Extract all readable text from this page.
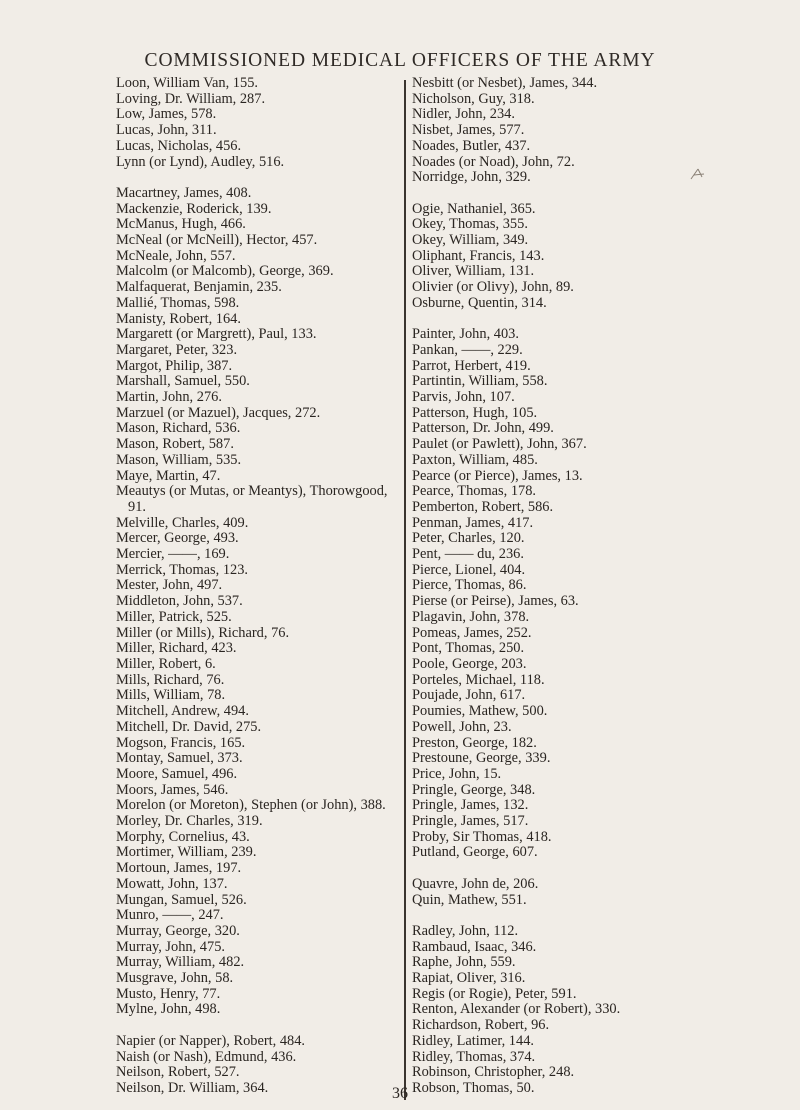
COMMISSIONED MEDICAL OFFICERS OF THE ARMY
Loon, William Van, 155.
Loving, Dr. William, 287.
Low, James, 578.
Lucas, John, 311.
Lucas, Nicholas, 456.
Lynn (or Lynd), Audley, 516.
Macartney, James, 408.
Mackenzie, Roderick, 139.
McManus, Hugh, 466.
McNeal (or McNeill), Hector, 457.
McNeale, John, 557.
Malcolm (or Malcomb), George, 369.
Malfaquerat, Benjamin, 235.
Mallié, Thomas, 598.
Manisty, Robert, 164.
Margarett (or Margrett), Paul, 133.
Margaret, Peter, 323.
Margot, Philip, 387.
Marshall, Samuel, 550.
Martin, John, 276.
Marzuel (or Mazuel), Jacques, 272.
Mason, Richard, 536.
Mason, Robert, 587.
Mason, William, 535.
Maye, Martin, 47.
Meautys (or Mutas, or Meantys), Thorowgood,
91.
Melville, Charles, 409.
Mercer, George, 493.
Mercier, ——, 169.
Merrick, Thomas, 123.
Mester, John, 497.
Middleton, John, 537.
Miller, Patrick, 525.
Miller (or Mills), Richard, 76.
Miller, Richard, 423.
Miller, Robert, 6.
Mills, Richard, 76.
Mills, William, 78.
Mitchell, Andrew, 494.
Mitchell, Dr. David, 275.
Mogson, Francis, 165.
Montay, Samuel, 373.
Moore, Samuel, 496.
Moors, James, 546.
Morelon (or Moreton), Stephen (or John), 388.
Morley, Dr. Charles, 319.
Morphy, Cornelius, 43.
Mortimer, William, 239.
Mortoun, James, 197.
Mowatt, John, 137.
Mungan, Samuel, 526.
Munro, ——, 247.
Murray, George, 320.
Murray, John, 475.
Murray, William, 482.
Musgrave, John, 58.
Musto, Henry, 77.
Mylne, John, 498.
Napier (or Napper), Robert, 484.
Naish (or Nash), Edmund, 436.
Neilson, Robert, 527.
Neilson, Dr. William, 364.
Nesbitt (or Nesbet), James, 344.
Nicholson, Guy, 318.
Nidler, John, 234.
Nisbet, James, 577.
Noades, Butler, 437.
Noades (or Noad), John, 72.
Norridge, John, 329.
Ogie, Nathaniel, 365.
Okey, Thomas, 355.
Okey, William, 349.
Oliphant, Francis, 143.
Oliver, William, 131.
Olivier (or Olivy), John, 89.
Osburne, Quentin, 314.
Painter, John, 403.
Pankan, ——, 229.
Parrot, Herbert, 419.
Partintin, William, 558.
Parvis, John, 107.
Patterson, Hugh, 105.
Patterson, Dr. John, 499.
Paulet (or Pawlett), John, 367.
Paxton, William, 485.
Pearce (or Pierce), James, 13.
Pearce, Thomas, 178.
Pemberton, Robert, 586.
Penman, James, 417.
Peter, Charles, 120.
Pent, —— du, 236.
Pierce, Lionel, 404.
Pierce, Thomas, 86.
Pierse (or Peirse), James, 63.
Plagavin, John, 378.
Pomeas, James, 252.
Pont, Thomas, 250.
Poole, George, 203.
Porteles, Michael, 118.
Poujade, John, 617.
Poumies, Mathew, 500.
Powell, John, 23.
Preston, George, 182.
Prestoune, George, 339.
Price, John, 15.
Pringle, George, 348.
Pringle, James, 132.
Pringle, James, 517.
Proby, Sir Thomas, 418.
Putland, George, 607.
Quavre, John de, 206.
Quin, Mathew, 551.
Radley, John, 112.
Rambaud, Isaac, 346.
Raphe, John, 559.
Rapiat, Oliver, 316.
Regis (or Rogie), Peter, 591.
Renton, Alexander (or Robert), 330.
Richardson, Robert, 96.
Ridley, Latimer, 144.
Ridley, Thomas, 374.
Robinson, Christopher, 248.
Robson, Thomas, 50.
36
